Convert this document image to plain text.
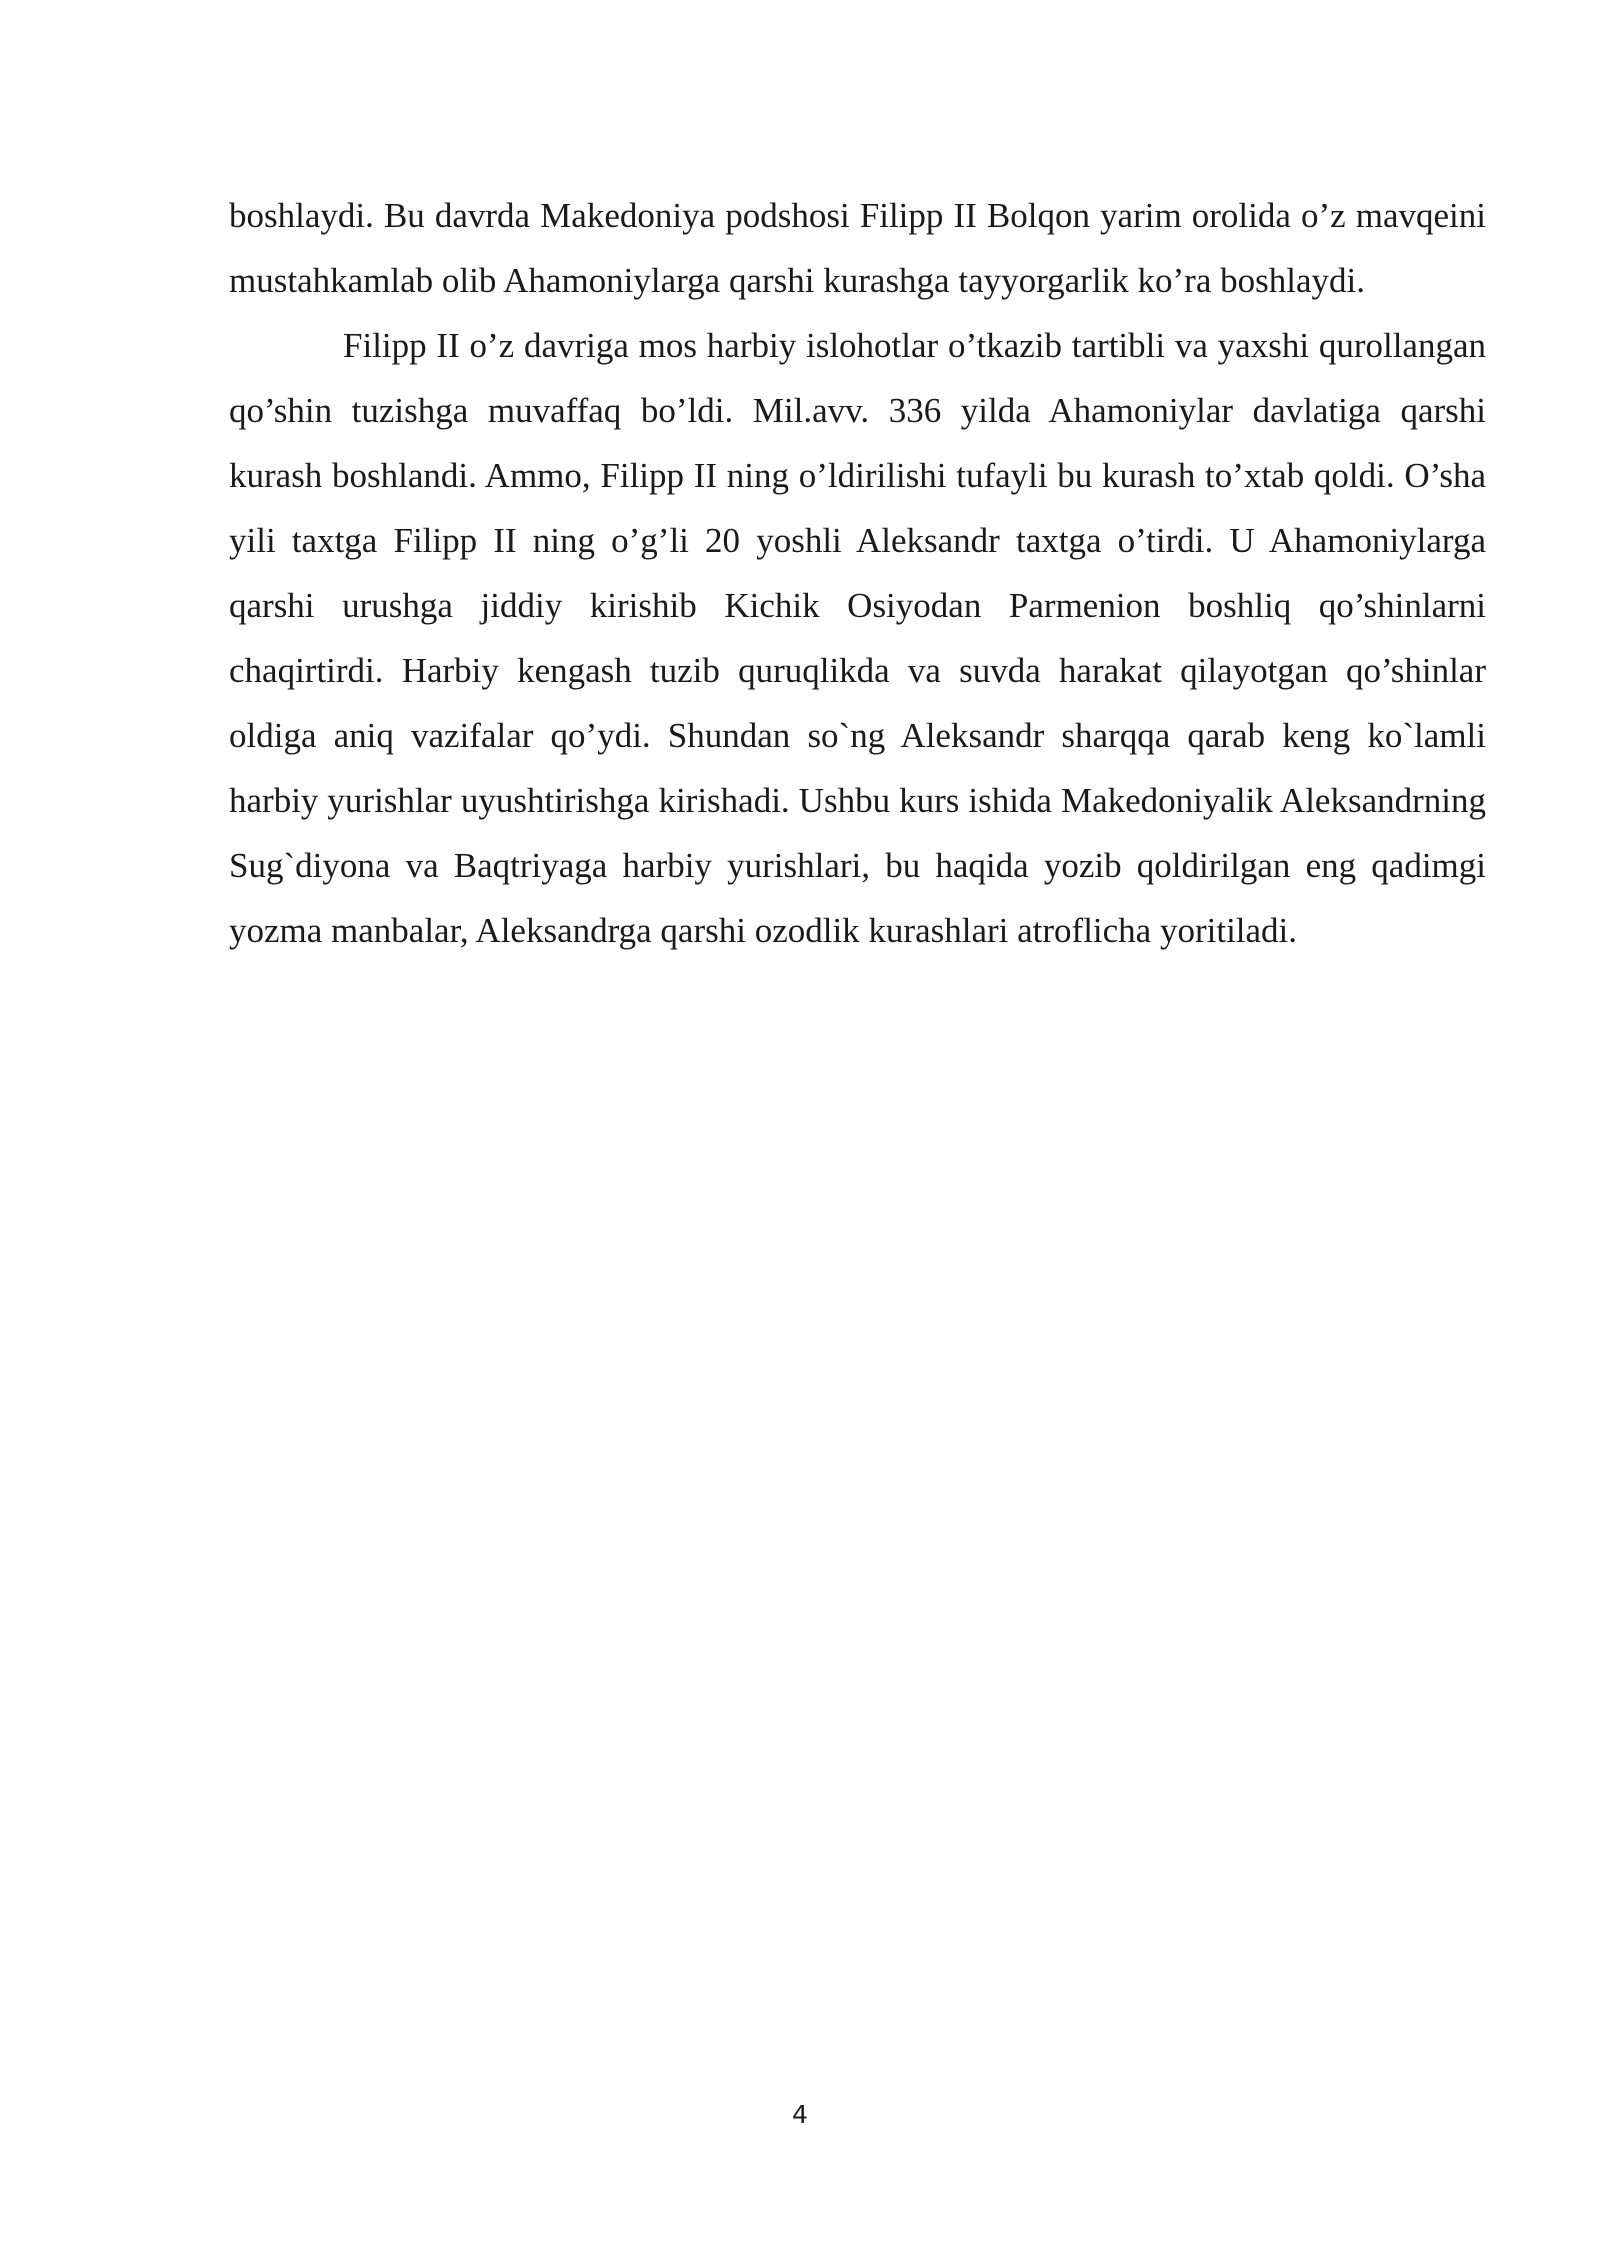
boshlaydi. Bu davrda Makedoniya podshosi Filipp II Bolqon yarim orolida o’z mavqeini mustahkamlab olib Ahamoniylarga qarshi kurashga tayyorgarlik ko’ra boshlaydi.

Filipp II o’z davriga mos harbiy islohotlar o’tkazib tartibli va yaxshi qurollangan qo’shin tuzishga muvaffaq bo’ldi. Mil.avv. 336 yilda Ahamoniylar davlatiga qarshi kurash boshlandi. Ammo, Filipp II ning o’ldirilishi tufayli bu kurash to’xtab qoldi. O’sha yili taxtga Filipp II ning o’g’li 20 yoshli Aleksandr taxtga o’tirdi. U Ahamoniylarga qarshi urushga jiddiy kirishib Kichik Osiyodan Parmenion boshliq qo’shinlarni chaqirtirdi. Harbiy kengash tuzib quruqlikda va suvda harakat qilayotgan qo’shinlar oldiga aniq vazifalar qo’ydi. Shundan so`ng Aleksandr sharqqa qarab keng ko`lamli harbiy yurishlar uyushtirishga kirishadi. Ushbu kurs ishida Makedoniyalik Aleksandrning Sug`diyona va Baqtriyaga harbiy yurishlari, bu haqida yozib qoldirilgan eng qadimgi yozma manbalar, Aleksandrga qarshi ozodlik kurashlari atroflicha yoritiladi.

4
